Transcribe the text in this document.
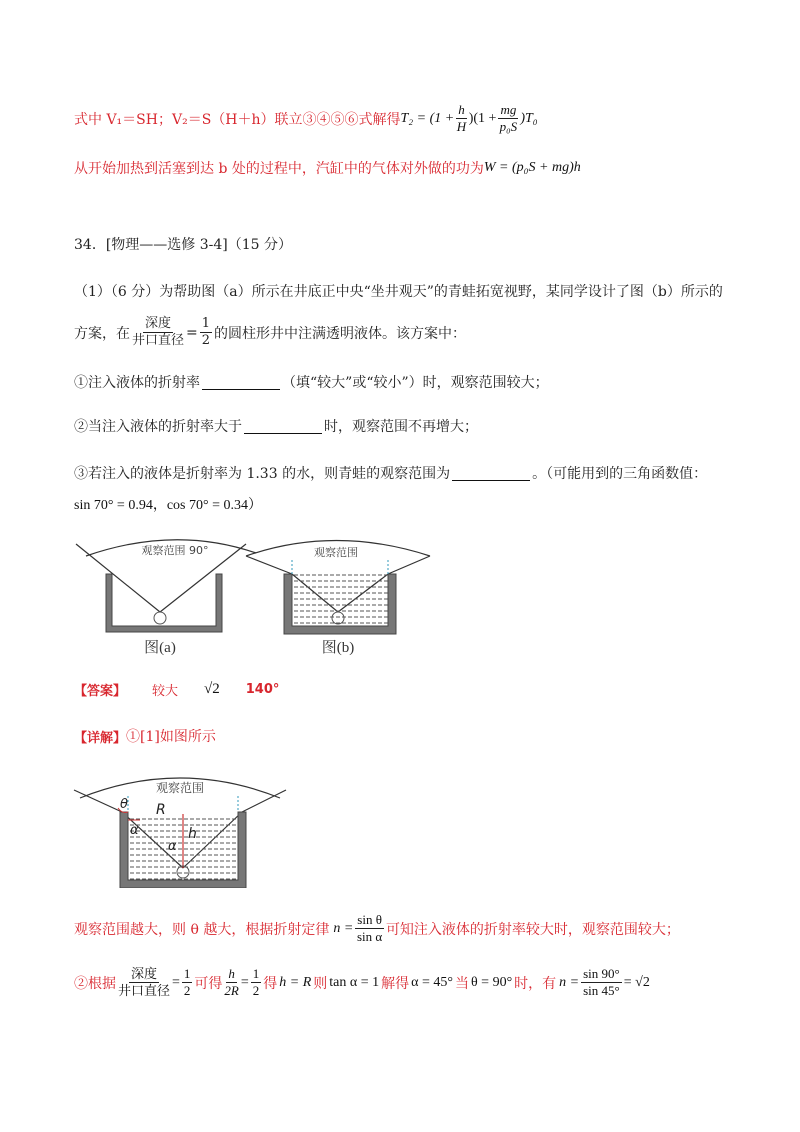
式中 V₁＝SH；V₂＝S（H＋h）联立③④⑤⑥式解得 $T_2 = (1 + \frac{h}{H} )(1 + \frac{mg}{\text{p₀S}} )T_0$
从开始加热到活塞到达 b 处的过程中，汽缸中的气体对外做的功为 W = (p₀S + mg)h
34．[物理——选修 3-4]（15 分）
（1）（6 分）为帮助图（a）所示在井底正中央“坐井观天”的青蛙拓宽视野，某同学设计了图（b）所示的
方案，在 $\frac{\text{深度}}{\text{井口直径}} = \frac{1}{2}$ 的圆柱形井中注满透明液体。该方案中：
①注入液体的折射率	（填“较大”或“较小”）时，观察范围较大；
②当注入液体的折射率大于	时，观察范围不再增大；
③若注入的液体是折射率为 1.33 的水，则青蛙的观察范围为	。（可能用到的三角函数值：
sin 70° = 0.94，cos 70° = 0.34）
观察范围 90°
图(a)
观察范围
图(b)
【答案】 较大 √2 140°
【详解】 ①[1]如图所示
θ R
h
α
α
观察范围
观察范围越大，则 θ 越大，根据折射定律 $n = \frac{\text{sin θ}}{\text{sin α}}$ 可知注入液体的折射率较大时，观察范围较大；
②根据 $\frac{\text{深度}}{\text{井口直径}} = \frac{1}{2}$ 可得 $\frac{h}{2R} = \frac{1}{2}$ 得 h = R 则 tan α = 1 解得 α = 45° 当 θ = 90° 时，有 $n = \frac{\sin 90^\circ}{\sin 45^\circ} = √2$
